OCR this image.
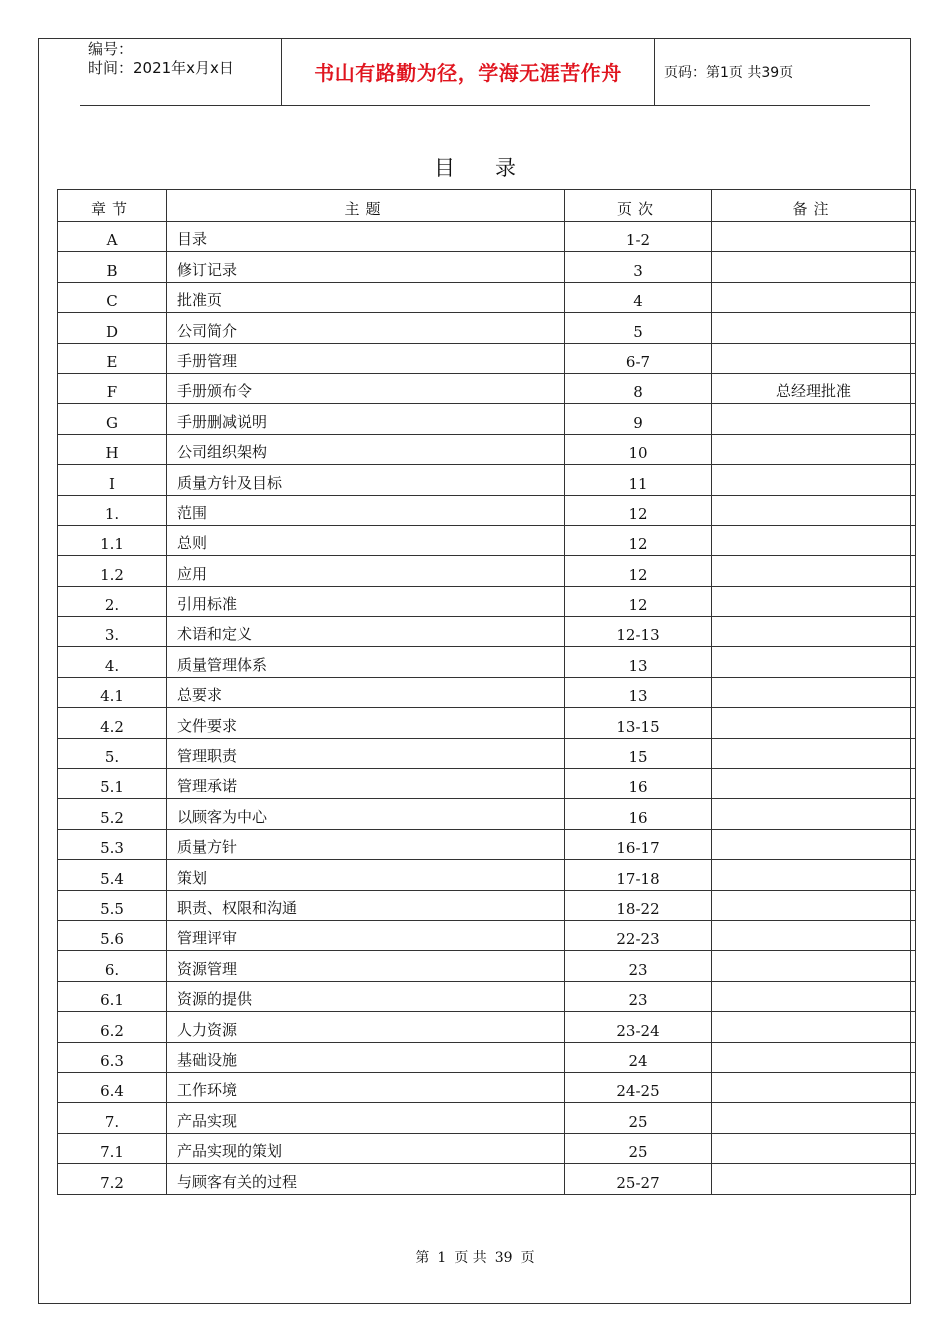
编号：
时间：2021年x月x日	书山有路勤为径，学海无涯苦作舟	页码：第1页 共39页
目录
章节	主题	页次	备注
A	目录	1-2	
B	修订记录	3	
C	批准页	4	
D	公司简介	5	
E	手册管理	6-7	
F	手册颁布令	8	总经理批准
G	手册删减说明	9	
H	公司组织架构	10	
I	质量方针及目标	11	
1.	范围	12	
1.1	总则	12	
1.2	应用	12	
2.	引用标准	12	
3.	术语和定义	12-13	
4.	质量管理体系	13	
4.1	总要求	13	
4.2	文件要求	13-15	
5.	管理职责	15	
5.1	管理承诺	16	
5.2	以顾客为中心	16	
5.3	质量方针	16-17	
5.4	策划	17-18	
5.5	职责、权限和沟通	18-22	
5.6	管理评审	22-23	
6.	资源管理	23	
6.1	资源的提供	23	
6.2	人力资源	23-24	
6.3	基础设施	24	
6.4	工作环境	24-25	
7.	产品实现	25	
7.1	产品实现的策划	25	
7.2	与顾客有关的过程	25-27	
第 1 页 共 39 页
